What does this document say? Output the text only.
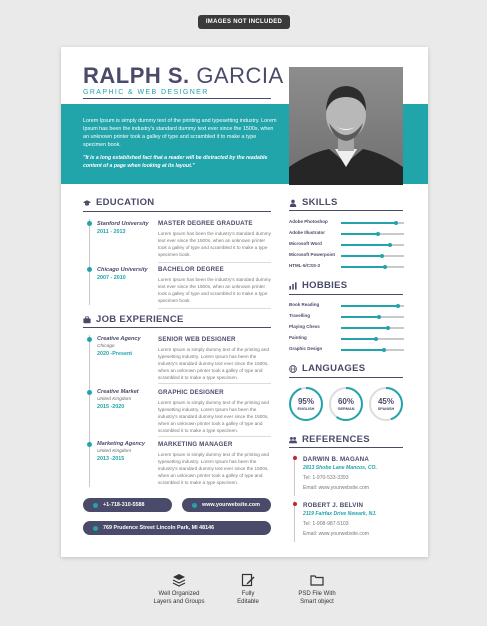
IMAGES NOT INCLUDED
RALPH S. GARCIA
GRAPHIC & WEB DESIGNER
Lorem Ipsum is simply dummy text of the printing and typesetting industry. Lorem Ipsum has been the industry's standard dummy text ever since the 1500s, when an unknown printer took a galley of type and scrambled it to make a type specimen book.
"It is a long established fact that a reader will be distracted by the readable content of a page when looking at its layout."
EDUCATION
Stanford University
2011 - 2013
MASTER DEGREE GRADUATE
Lorem Ipsum has been the industry's standard dummy text ever since the 1500s, when an unknown printer took a galley of type and scrambled it to make a type specimen book.
Chicago University
2007 - 2010
BACHELOR DEGREE
Lorem Ipsum has been the industry's standard dummy text ever since the 1500s, when an unknown printer took a galley of type and scrambled it to make a type specimen book.
JOB EXPERIENCE
Creative Agency
Chicago
2020 -Present
SENIOR WEB DESIGNER
Lorem Ipsum is simply dummy text of the printing and typesetting industry. Lorem Ipsum has been the industry's standard dummy text ever since the 1500s, when an unknown printer took a galley of type and scrambled it to make a type specimen.
Creative Market
United Kingdom
2015 -2020
GRAPHIC DESIGNER
Lorem Ipsum is simply dummy text of the printing and typesetting industry. Lorem Ipsum has been the industry's standard dummy text ever since the 1500s, when an unknown printer took a galley of type and scrambled it to make a type specimen.
Marketing Agency
United Kingdom
2013 -2015
MARKETING MANAGER
Lorem Ipsum is simply dummy text of the printing and typesetting industry. Lorem Ipsum has been the industry's standard dummy text ever since the 1500s, when an unknown printer took a galley of type and scrambled it to make a type specimen.
SKILLS
Adobe Photoshop
Adobe Illustrator
Microsoft Word
Microsoft Powerpoint
HTML-5/CSS-3
HOBBIES
Book Reading
Travelling
Playing Chess
Painting
Graphic Design
LANGUAGES
95%
ENGLISH
60%
GERMAN
45%
SPANISH
REFERENCES
DARWIN B. MAGANA
2813 Shobe Lane Mancos, CO.
Tel: 1-970-533-3393
Email: www.yourwebsite.com
ROBERT J. BELVIN
2119 Fairfax Drive Newark, NJ.
Tel: 1-908-987-5103
Email: www.yourwebsite.com
+1-718-310-5588	www.yourwebsite.com
769 Prudence Street Lincoln Park, MI 48146
Well Organized
Layers and Groups
Fully
Editable
PSD File With
Smart object
